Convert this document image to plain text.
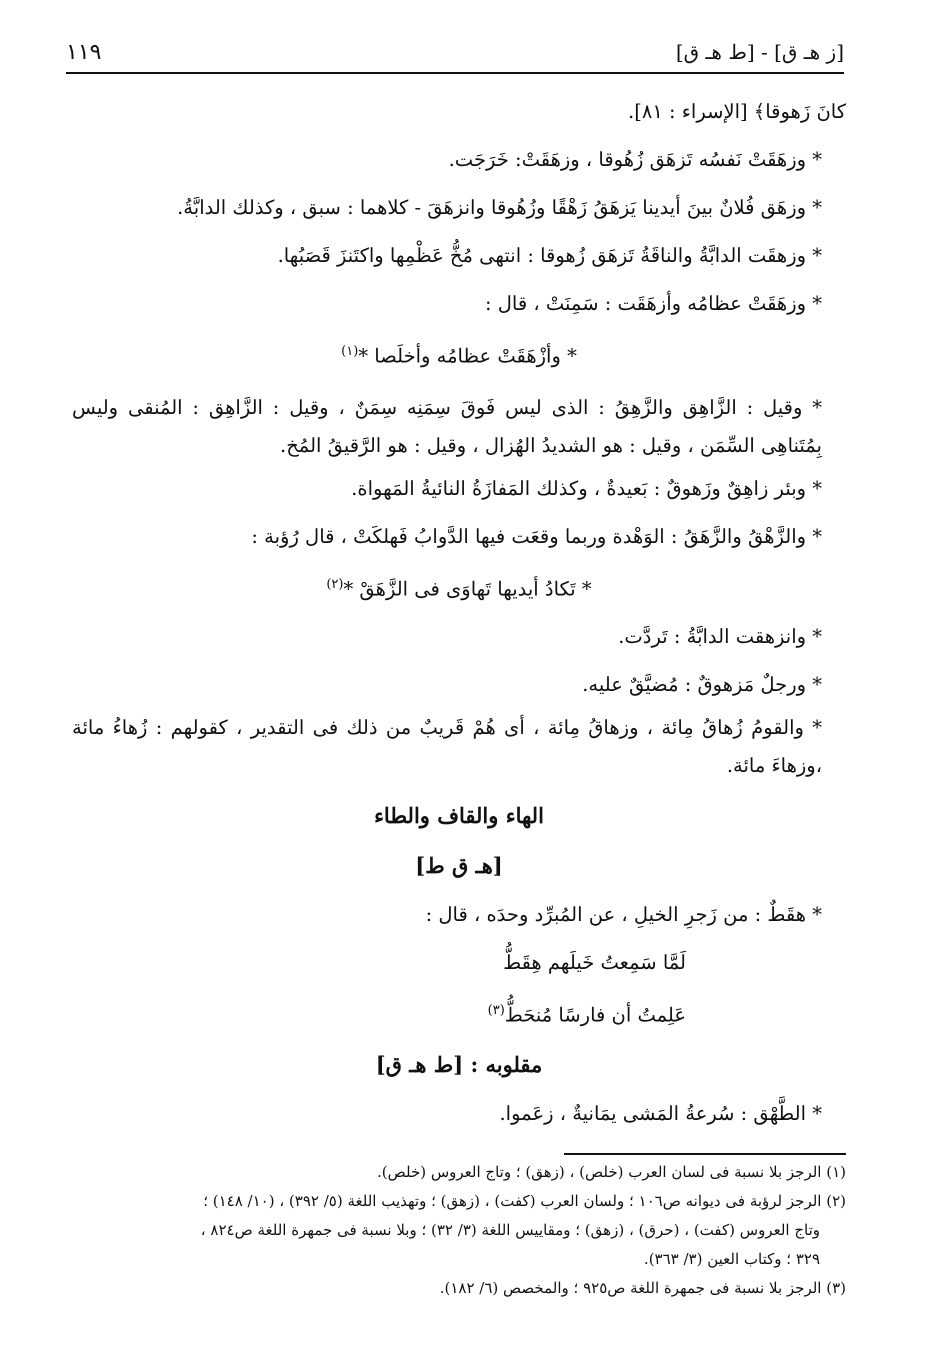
[ز هـ ق] - [ط هـ ق]
١١٩
كانَ زَهوقا﴾ [الإسراء : ٨١].
* وزهَقَتْ نَفسُه تَزهَق زُهُوقا ، وزهَقَتْ: خَرَجَت.
* وزهَق فُلانٌ بينَ أيدينا يَزهَقُ زَهْقًا وزُهُوقا وانزهَقَ - كلاهما : سبق ، وكذلك الدابَّةُ.
* وزهقَت الدابَّةُ والناقَةُ تَزهَق زُهوقا : انتهى مُخُّ عَظْمِها واكتَنزَ قَصَبُها.
* وزهَقَتْ عظامُه وأزهَقَت : سَمِنَتْ ، قال :
* وأزْهَقَتْ عظامُه وأخلَصا *$^{(١)}$
* وقيل : الزَّاهِق والزَّهِقُ : الذى ليس فَوقَ سِمَنِه سِمَنٌ ، وقيل : الزَّاهِق : المُنقى وليس بِمُتَناهِى السِّمَن ، وقيل : هو الشديدُ الهُزال ، وقيل : هو الرَّقيقُ المُخ.
* وبئر زاهِقٌ وزَهوقٌ : بَعيدةٌ ، وكذلك المَفازَةُ النائيةُ المَهواة.
* والزَّهْقُ والزَّهَقُ : الوَهْدة وربما وقعَت فيها الدَّوابُ فَهلكَتْ ، قال رُؤبة :
* تَكادُ أيديها تَهاوَى فى الزَّهَقْ *$^{(٢)}$
* وانزهقت الدابَّةُ : تَردَّت.
* ورجلٌ مَزهوقٌ : مُضيَّقٌ عليه.
* والقومُ زُهاقُ مِائة ، وزهاقُ مِائة ، أى هُمْ قَريبٌ من ذلك فى التقدير ، كقولهم : زُهاءُ مائة ،وزهاءَ مائة.
الهاء والقاف والطاء
[هـ ق ط]
* هقَطٌ : من زَجرِ الخيلِ ، عن المُبرِّد وحدَه ، قال :
لَمَّا سَمِعتُ خَيلَهم هِقَطُّ
عَلِمتُ أن فارسًا مُنحَطُّ$^{(٣)}$
مقلوبه : [ط هـ ق]
* الطَّهْق : سُرعةُ المَشى يمَانيةٌ ، زعَموا.
(١) الرجز بلا نسبة فى لسان العرب (خلص) ، (زهق) ؛ وتاج العروس (خلص).
(٢) الرجز لرؤبة فى ديوانه ص١٠٦ ؛ ولسان العرب (كفت) ، (زهق) ؛ وتهذيب اللغة (٥/ ٣٩٢) ، (١٠/ ١٤٨) ؛
وتاج العروس (كفت) ، (حرق) ، (زهق) ؛ ومقاييس اللغة (٣/ ٣٢) ؛ وبلا نسبة فى جمهرة اللغة ص٨٢٤ ،
٣٢٩ ؛ وكتاب العين (٣/ ٣٦٣).
(٣) الرجز بلا نسبة فى جمهرة اللغة ص٩٢٥ ؛ والمخصص (٦/ ١٨٢).
